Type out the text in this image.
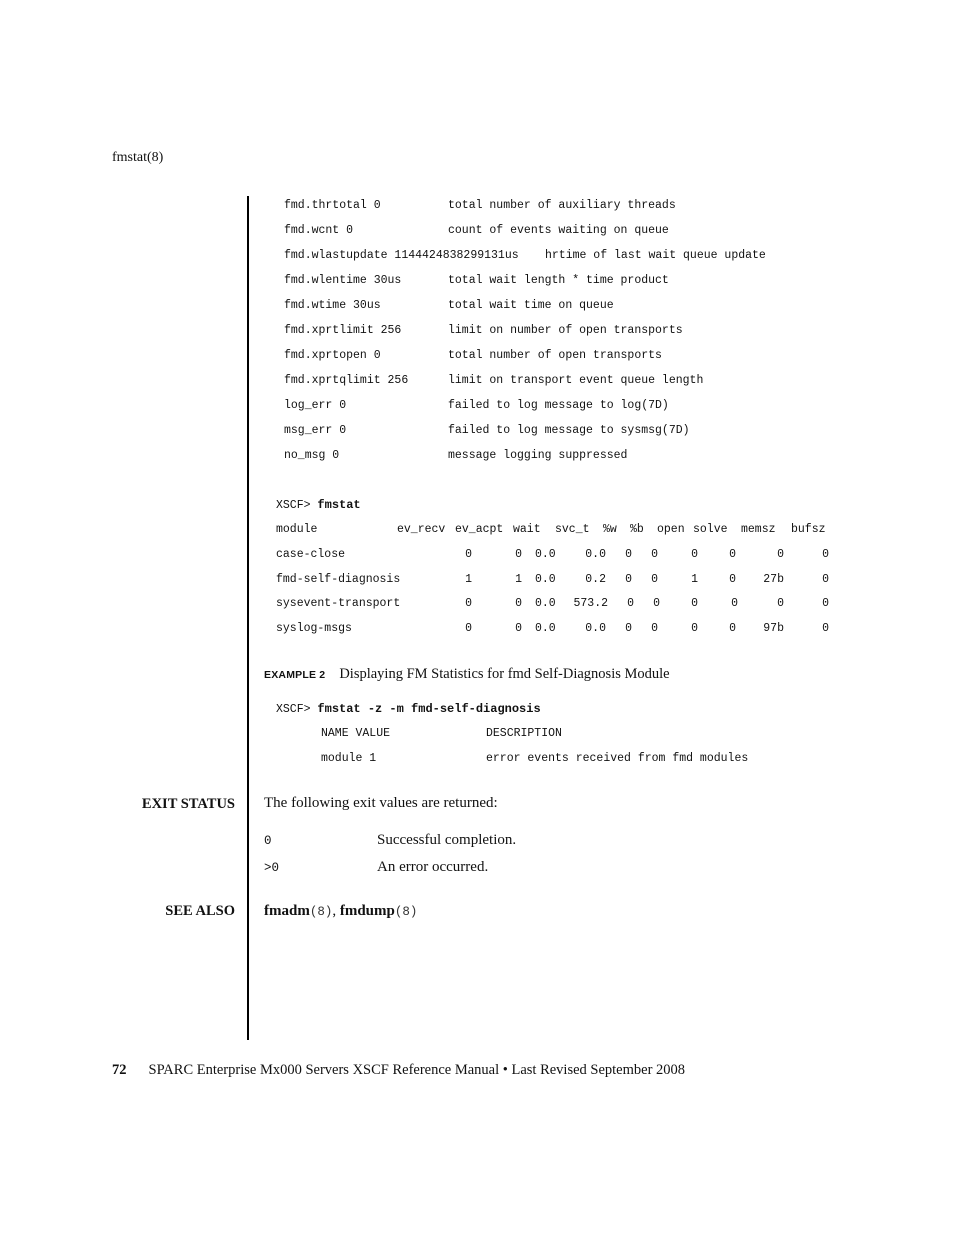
fmstat(8)
fmd.thrtotal 0	total number of auxiliary threads
fmd.wcnt 0	count of events waiting on queue
fmd.wlastupdate 1144424838299131us hrtime of last wait queue update
fmd.wlentime 30us	total wait length * time product
fmd.wtime 30us	total wait time on queue
fmd.xprtlimit 256	limit on number of open transports
fmd.xprtopen 0	total number of open transports
fmd.xprtqlimit 256	limit on transport event queue length
log_err 0	failed to log message to log(7D)
msg_err 0	failed to log message to sysmsg(7D)
no_msg 0	message logging suppressed
XSCF> fmstat
module	ev_recv ev_acpt wait svc_t %w %b open solve memsz bufsz
case-close	0	0 0.0	0.0	0	0	0	0	0	0
fmd-self-diagnosis	1	1 0.0	0.2	0	0	1	0	27b	0
sysevent-transport	0	0 0.0	573.2	0	0	0	0	0	0
syslog-msgs	0	0 0.0	0.0	0	0	0	0	97b	0
EXAMPLE 2 Displaying FM Statistics for fmd Self-Diagnosis Module
XSCF> fmstat -z -m fmd-self-diagnosis
NAME VALUE	DESCRIPTION
module 1	error events received from fmd modules
EXIT STATUS The following exit values are returned:
0	Successful completion.
>0	An error occurred.
SEE ALSO fmadm(8), fmdump(8)
72 SPARC Enterprise Mx000 Servers XSCF Reference Manual • Last Revised September 2008
